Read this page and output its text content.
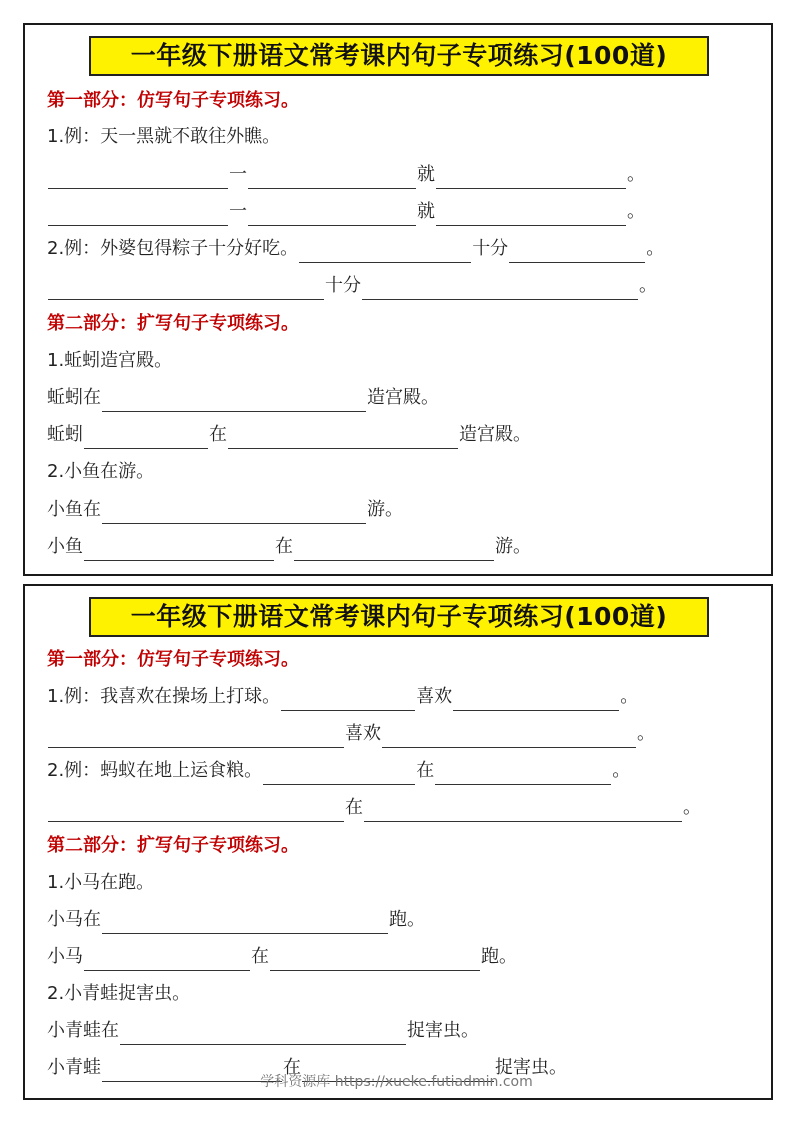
一年级下册语文常考课内句子专项练习(100道)
第一部分：仿写句子专项练习。
1.例：天一黑就不敢往外瞧。
一	就	。
一	就	。
2.例：外婆包得粽子十分好吃。	十分	。
十分	。
第二部分：扩写句子专项练习。
1.蚯蚓造宫殿。
蚯蚓在	造宫殿。
蚯蚓	在	造宫殿。
2.小鱼在游。
小鱼在	游。
小鱼	在	游。
一年级下册语文常考课内句子专项练习(100道)
第一部分：仿写句子专项练习。
1.例：我喜欢在操场上打球。	喜欢	。
喜欢	。
2.例：蚂蚁在地上运食粮。	在	。
在	。
第二部分：扩写句子专项练习。
1.小马在跑。
小马在	跑。
小马	在	跑。
2.小青蛙捉害虫。
小青蛙在	捉害虫。
小青蛙	在	捉害虫。
学科资源库 https://xueke.futiadmin.com
